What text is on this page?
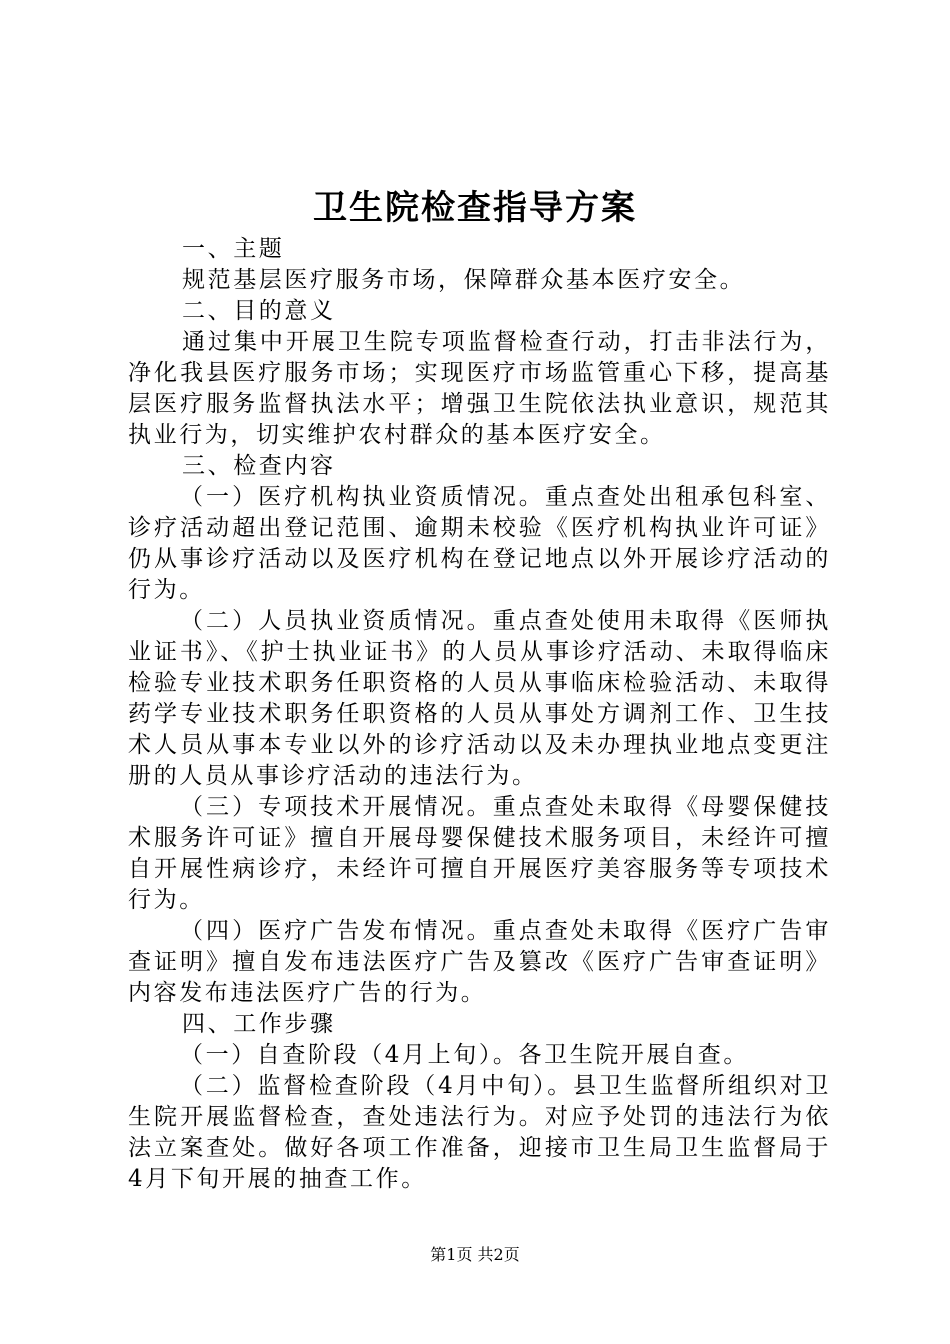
卫生院检查指导方案

一、主题

规范基层医疗服务市场，保障群众基本医疗安全。

二、目的意义

通过集中开展卫生院专项监督检查行动，打击非法行为，净化我县医疗服务市场；实现医疗市场监管重心下移，提高基层医疗服务监督执法水平；增强卫生院依法执业意识，规范其执业行为，切实维护农村群众的基本医疗安全。

三、检查内容

（一）医疗机构执业资质情况。重点查处出租承包科室、诊疗活动超出登记范围、逾期未校验《医疗机构执业许可证》仍从事诊疗活动以及医疗机构在登记地点以外开展诊疗活动的行为。

（二）人员执业资质情况。重点查处使用未取得《医师执业证书》、《护士执业证书》的人员从事诊疗活动、未取得临床检验专业技术职务任职资格的人员从事临床检验活动、未取得药学专业技术职务任职资格的人员从事处方调剂工作、卫生技术人员从事本专业以外的诊疗活动以及未办理执业地点变更注册的人员从事诊疗活动的违法行为。

（三）专项技术开展情况。重点查处未取得《母婴保健技术服务许可证》擅自开展母婴保健技术服务项目，未经许可擅自开展性病诊疗，未经许可擅自开展医疗美容服务等专项技术行为。

（四）医疗广告发布情况。重点查处未取得《医疗广告审查证明》擅自发布违法医疗广告及篡改《医疗广告审查证明》内容发布违法医疗广告的行为。

四、工作步骤

（一）自查阶段（4月上旬）。各卫生院开展自查。

（二）监督检查阶段（4月中旬）。县卫生监督所组织对卫生院开展监督检查，查处违法行为。对应予处罚的违法行为依法立案查处。做好各项工作准备，迎接市卫生局卫生监督局于4月下旬开展的抽查工作。

第1页 共2页
